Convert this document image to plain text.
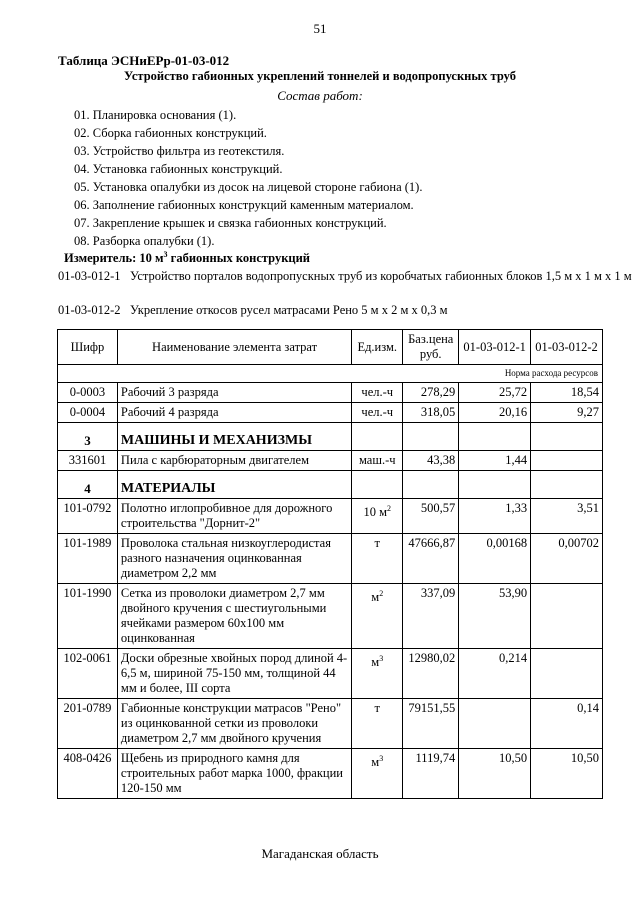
51
Таблица ЭСНиЕРр-01-03-012
Устройство габионных укреплений тоннелей и водопропускных труб
Состав работ:
01. Планировка основания (1).
02. Сборка габионных конструкций.
03. Устройство фильтра из геотекстиля.
04. Установка габионных конструкций.
05. Установка опалубки из досок на лицевой стороне габиона (1).
06. Заполнение габионных конструкций каменным материалом.
07. Закрепление крышек и связка габионных конструкций.
08. Разборка опалубки (1).
Измеритель: 10 $м^3$ габионных конструкций
01-03-012-1 Устройство порталов водопропускных труб из коробчатых габионных блоков 1,5 м х 1 м х 1 м
01-03-012-2 Укрепление откосов русел матрасами Рено 5 м х 2 м х 0,3 м
Шифр	Наименование элемента затрат	Ед.изм.	Баз.цена руб.	01-03-012-1	01-03-012-2
Норма расхода ресурсов					
0-0003	Рабочий 3 разряда	чел.-ч	278,29	25,72	18,54
0-0004	Рабочий 4 разряда	чел.-ч	318,05	20,16	9,27
3	МАШИНЫ И МЕХАНИЗМЫ				
331601	Пила с карбюраторным двигателем	маш.-ч	43,38	1,44	
4	МАТЕРИАЛЫ				
101-0792	Полотно иглопробивное для дорожного строительства "Дорнит-2"	10 $м^2$	500,57	1,33	3,51
101-1989	Проволока стальная низкоуглеродистая разного назначения оцинкованная диаметром 2,2 мм	т	47666,87	0,00168	0,00702
101-1990	Сетка из проволоки диаметром 2,7 мм двойного кручения с шестиугольными ячейками размером 60х100 мм оцинкованная	$м^2$	337,09	53,90	
102-0061	Доски обрезные хвойных пород длиной 4-6,5 м, шириной 75-150 мм, толщиной 44 мм и более, III сорта	$м^3$	12980,02	0,214	
201-0789	Габионные конструкции матрасов "Рено" из оцинкованной сетки из проволоки диаметром 2,7 мм двойного кручения	т	79151,55		0,14
408-0426	Щебень из природного камня для строительных работ марка 1000, фракции 120-150 мм	$м^3$	1119,74	10,50	10,50
Магаданская область
